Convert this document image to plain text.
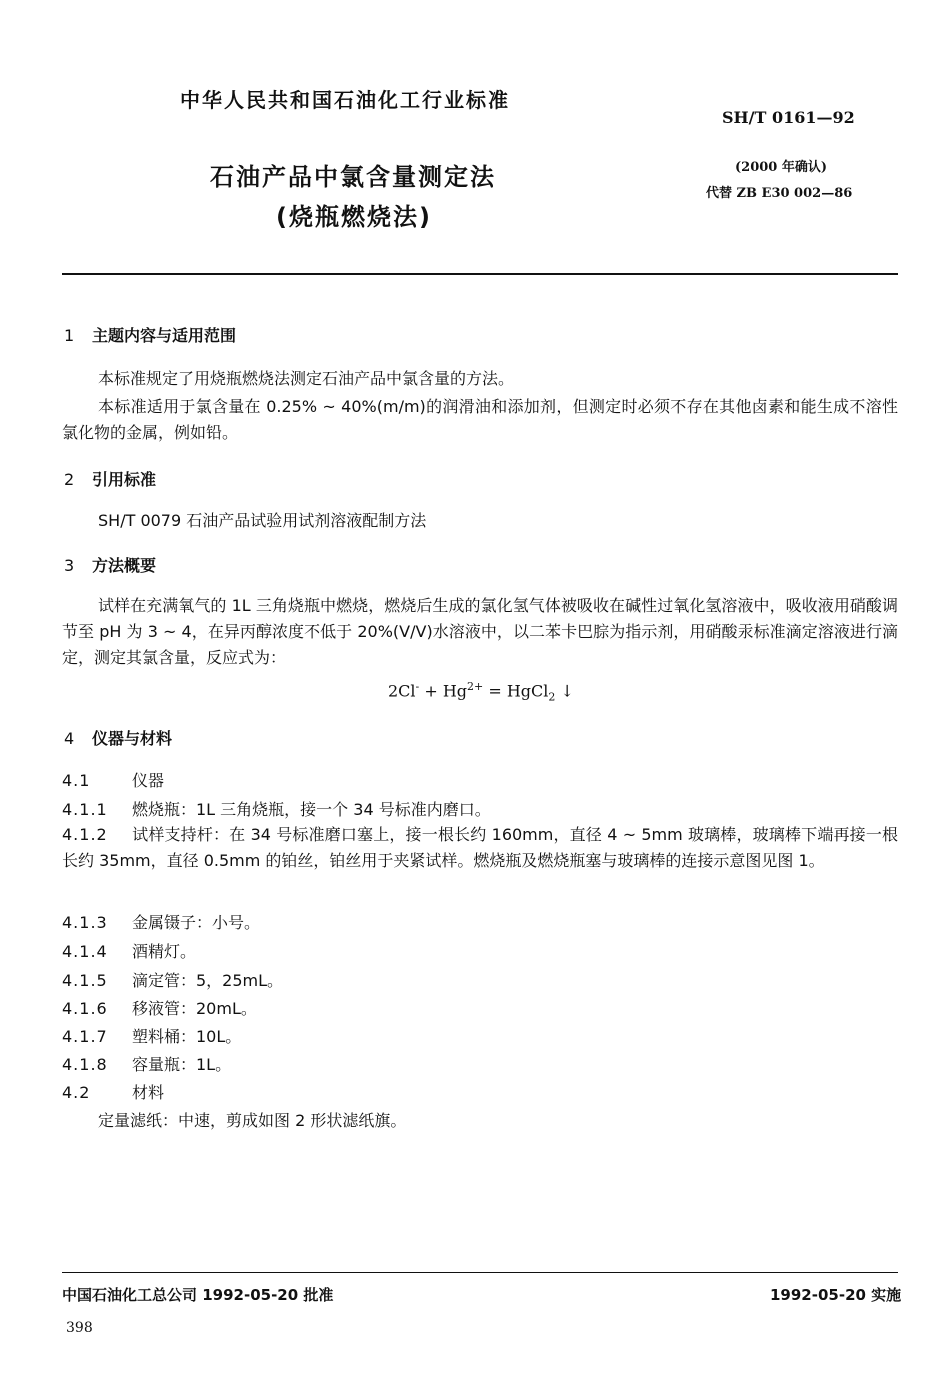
中华人民共和国石油化工行业标准
SH/T 0161—92
石油产品中氯含量测定法
(烧瓶燃烧法)
(2000 年确认)
代替 ZB E30 002—86
1 主题内容与适用范围
本标准规定了用烧瓶燃烧法测定石油产品中氯含量的方法。
本标准适用于氯含量在 0.25% ~ 40%(m/m)的润滑油和添加剂，但测定时必须不存在其他卤素和能生成不溶性氯化物的金属，例如铅。
2 引用标准
SH/T 0079 石油产品试验用试剂溶液配制方法
3 方法概要
试样在充满氧气的 1L 三角烧瓶中燃烧，燃烧后生成的氯化氢气体被吸收在碱性过氧化氢溶液中，吸收液用硝酸调节至 pH 为 3 ~ 4，在异丙醇浓度不低于 20%(V/V)水溶液中，以二苯卡巴腙为指示剂，用硝酸汞标准滴定溶液进行滴定，测定其氯含量，反应式为：
$2Cl^- + Hg^{2+}$ = HgCl$_2$ ↓
4 仪器与材料
4.1	仪器
4.1.1 燃烧瓶：1L 三角烧瓶，接一个 34 号标准内磨口。
4.1.2 试样支持杆：在 34 号标准磨口塞上，接一根长约 160mm，直径 4 ~ 5mm 玻璃棒，玻璃棒下端再接一根长约 35mm，直径 0.5mm 的铂丝，铂丝用于夹紧试样。燃烧瓶及燃烧瓶塞与玻璃棒的连接示意图见图 1。
4.1.3 金属镊子：小号。
4.1.4 酒精灯。
4.1.5 滴定管：5，25mL。
4.1.6 移液管：20mL。
4.1.7 塑料桶：10L。
4.1.8 容量瓶：1L。
4.2	材料
定量滤纸：中速，剪成如图 2 形状滤纸旗。
中国石油化工总公司 1992-05-20 批准	1992-05-20 实施
398
